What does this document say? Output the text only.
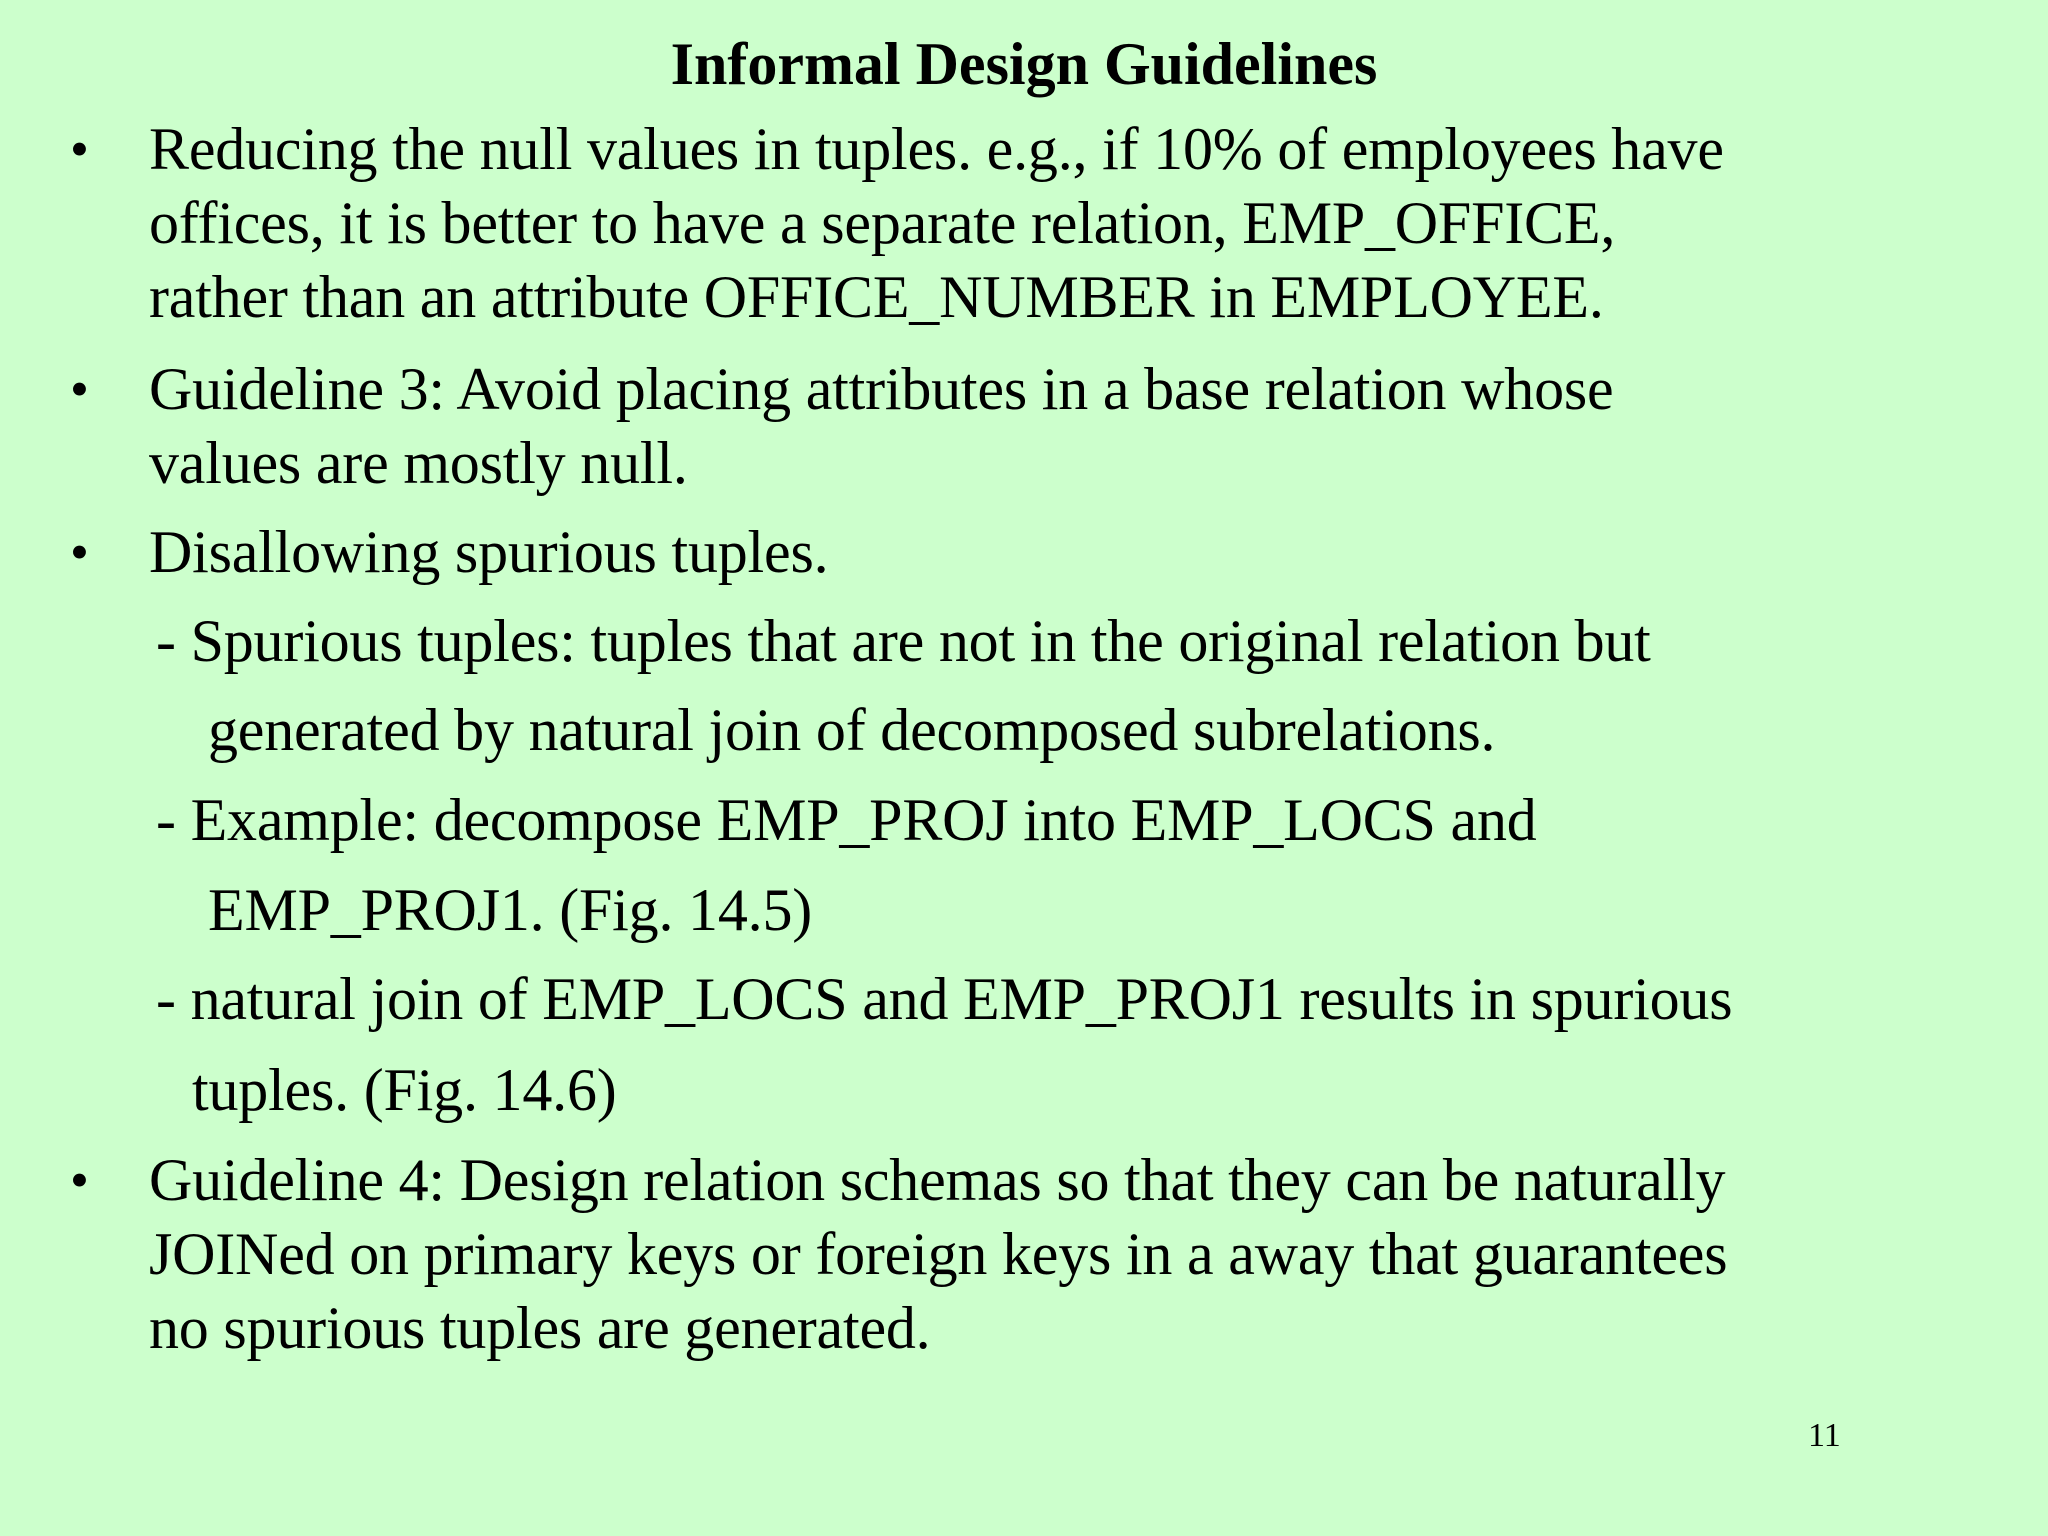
Informal Design Guidelines
• Reducing the null values in tuples. e.g., if 10% of employees have
offices, it is better to have a separate relation, EMP_OFFICE,
rather than an attribute OFFICE_NUMBER in EMPLOYEE.
• Guideline 3: Avoid placing attributes in a base relation whose
values are mostly null.
• Disallowing spurious tuples.
- Spurious tuples: tuples that are not in the original relation but
generated by natural join of decomposed subrelations.
- Example: decompose EMP_PROJ into EMP_LOCS and
EMP_PROJ1. (Fig. 14.5)
- natural join of EMP_LOCS and EMP_PROJ1 results in spurious
tuples. (Fig. 14.6)
• Guideline 4: Design relation schemas so that they can be naturally
JOINed on primary keys or foreign keys in a away that guarantees
no spurious tuples are generated.
11
